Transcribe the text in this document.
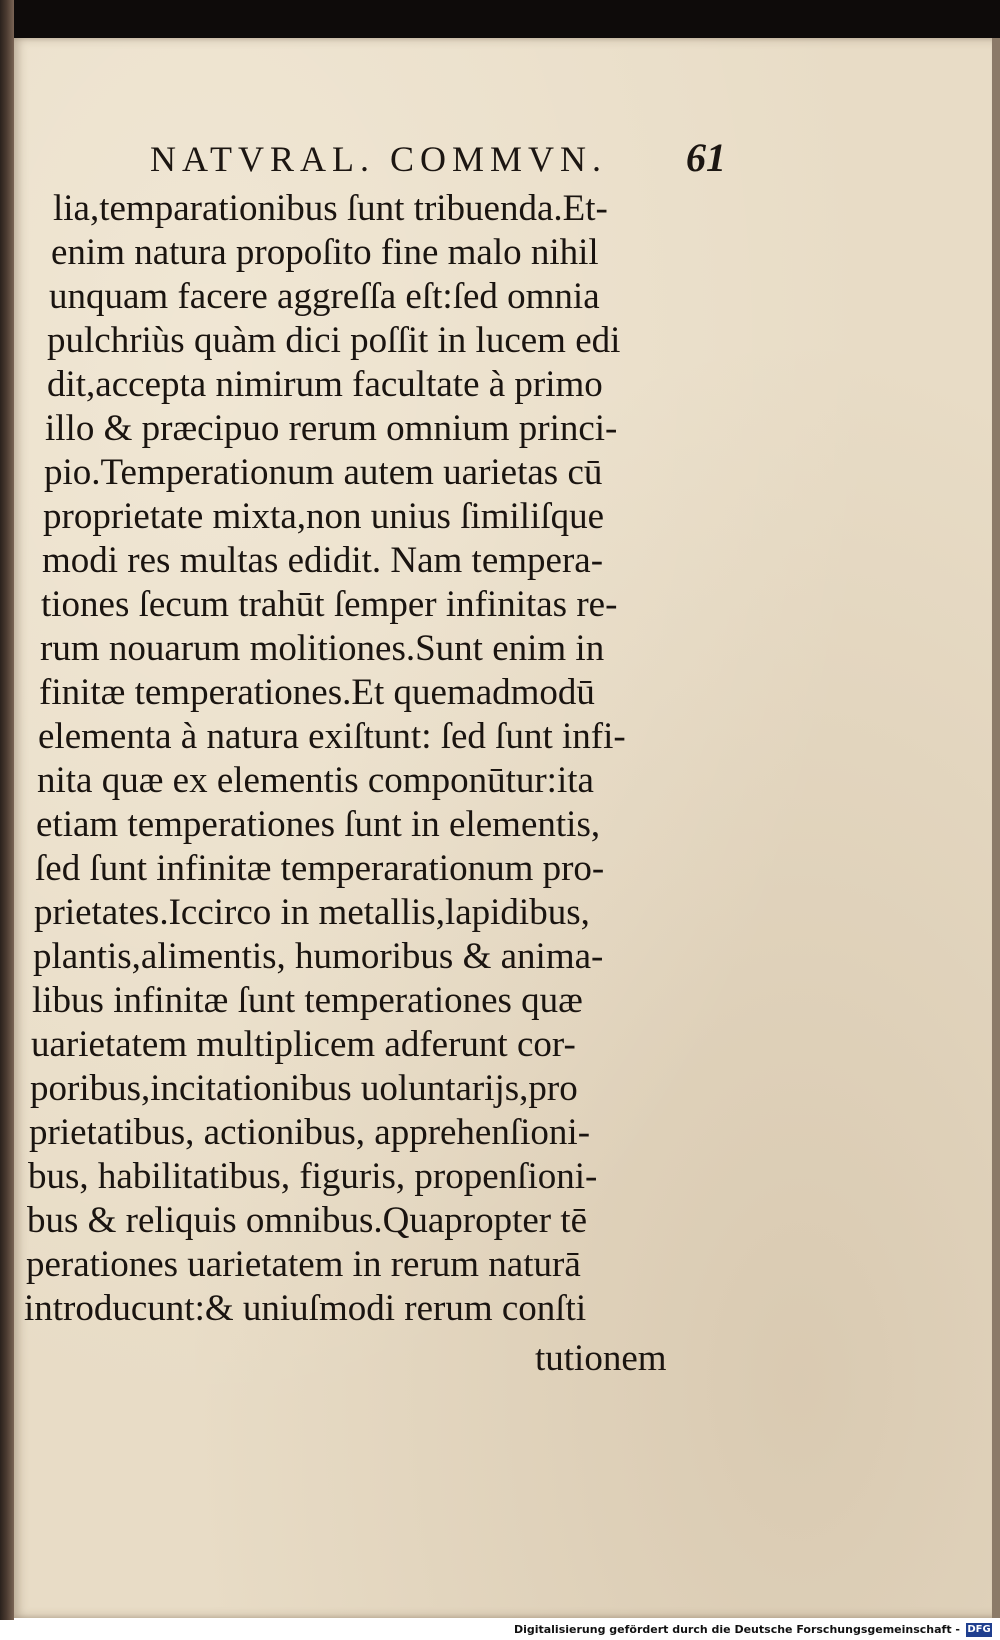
NATVRAL. COMMVN.	61
lia,temparationibus ſunt tribuenda.Et-
enim natura propoſito fine malo nihil
unquam facere aggreſſa eſt:ſed omnia
pulchriùs quàm dici poſſit in lucem edi
dit,accepta nimirum facultate à primo
illo & præcipuo rerum omnium princi-
pio.Temperationum autem uarietas cū
proprietate mixta,non unius ſimiliſque
modi res multas edidit. Nam tempera-
tiones ſecum trahūt ſemper infinitas re-
rum nouarum molitiones.Sunt enim in
finitæ temperationes.Et quemadmodū
elementa à natura exiſtunt: ſed ſunt infi-
nita quæ ex elementis componūtur:ita
etiam temperationes ſunt in elementis,
ſed ſunt infinitæ temperarationum pro-
prietates.Iccirco in metallis,lapidibus,
plantis,alimentis, humoribus & anima-
libus infinitæ ſunt temperationes quæ
uarietatem multiplicem adferunt cor-
poribus,incitationibus uoluntarijs,pro
prietatibus, actionibus, apprehenſioni-
bus, habilitatibus, figuris, propenſioni-
bus & reliquis omnibus.Quapropter tē
perationes uarietatem in rerum naturā
introducunt:& uniuſmodi rerum conſti
tutionem
Digitalisierung gefördert durch die Deutsche Forschungsgemeinschaft - DFG
